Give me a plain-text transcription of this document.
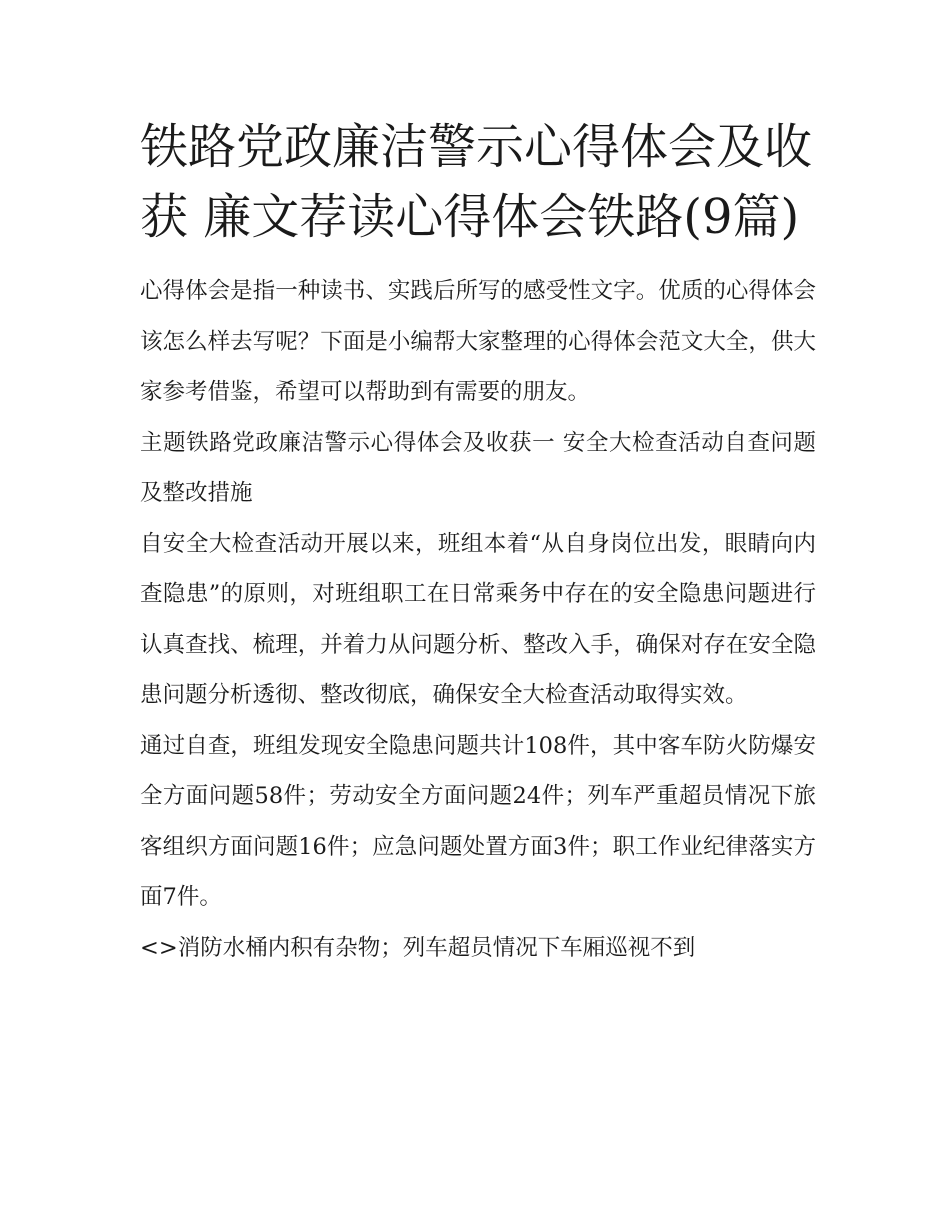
铁路党政廉洁警示心得体会及收获 廉文荐读心得体会铁路(9篇)

心得体会是指一种读书、实践后所写的感受性文字。优质的心得体会该怎么样去写呢？下面是小编帮大家整理的心得体会范文大全，供大家参考借鉴，希望可以帮助到有需要的朋友。

主题铁路党政廉洁警示心得体会及收获一 安全大检查活动自查问题及整改措施

自安全大检查活动开展以来，班组本着“从自身岗位出发，眼睛向内查隐患”的原则，对班组职工在日常乘务中存在的安全隐患问题进行认真查找、梳理，并着力从问题分析、整改入手，确保对存在安全隐患问题分析透彻、整改彻底，确保安全大检查活动取得实效。

通过自查，班组发现安全隐患问题共计108件，其中客车防火防爆安全方面问题58件；劳动安全方面问题24件；列车严重超员情况下旅客组织方面问题16件；应急问题处置方面3件；职工作业纪律落实方面7件。

<>消防水桶内积有杂物；列车超员情况下车厢巡视不到
